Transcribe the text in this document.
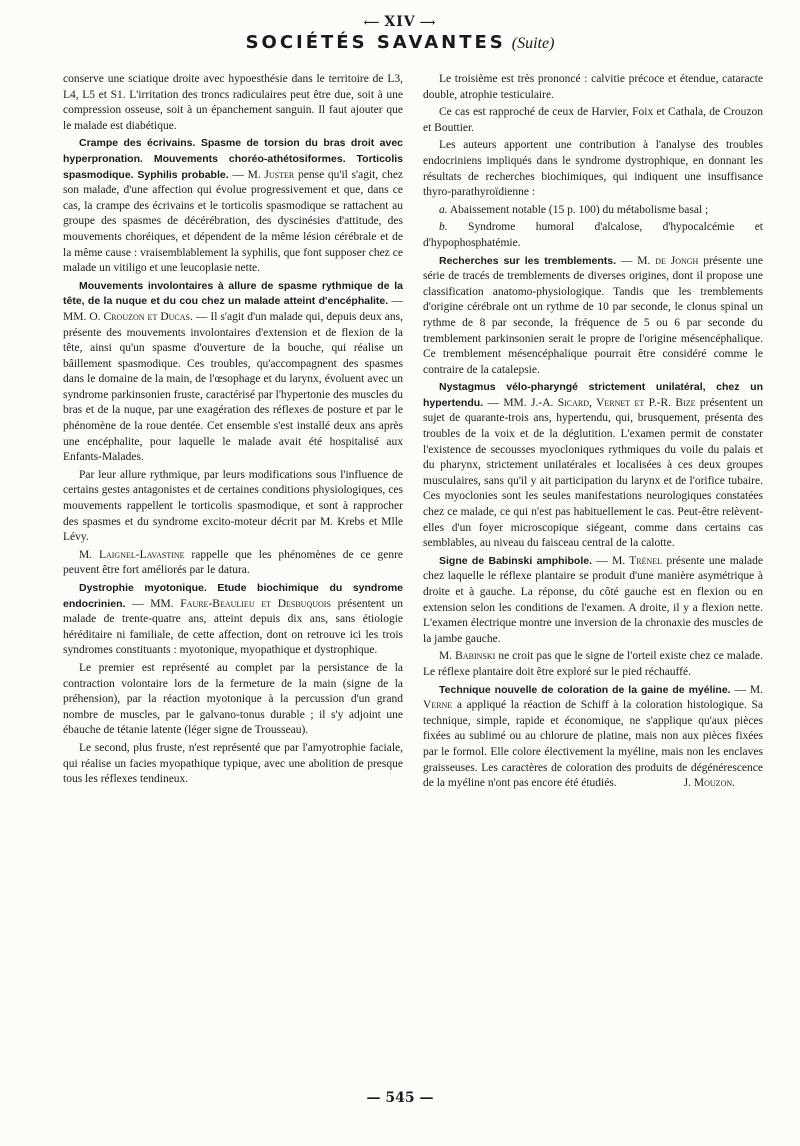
⟵ XIV ⟶
SOCIÉTÉS SAVANTES (Suite)

conserve une sciatique droite avec hypoesthésie dans le territoire de L3, L4, L5 et S1. L'irritation des troncs radiculaires peut être due, soit à une compression osseuse, soit à un épanchement sanguin. Il faut ajouter que le malade est diabétique.

Crampe des écrivains. Spasme de torsion du bras droit avec hyperpronation. Mouvements choréo-athétosiformes. Torticolis spasmodique. Syphilis probable. — M. Juster pense qu'il s'agit, chez son malade, d'une affection qui évolue progressivement et que, dans ce cas, la crampe des écrivains et le torticolis spasmodique se rattachent au groupe des spasmes de décérébration, des dyscinésies d'attitude, des mouvements choréiques, et dépendent de la même lésion cérébrale et de la même cause : vraisemblablement la syphilis, que font supposer chez ce malade un vitiligo et une leucoplasie nette.

Mouvements involontaires à allure de spasme rythmique de la tête, de la nuque et du cou chez un malade atteint d'encéphalite. — MM. O. Crouzon et Ducas. — Il s'agit d'un malade qui, depuis deux ans, présente des mouvements involontaires d'extension et de flexion de la tête, ainsi qu'un spasme d'ouverture de la bouche, qui réalise un bâillement spasmodique. Ces troubles, qu'accompagnent des spasmes dans le domaine de la main, de l'œsophage et du larynx, évoluent avec un syndrome parkinsonien fruste, caractérisé par l'hypertonie des muscles du bras et de la nuque, par une exagération des réflexes de posture et par le phénomène de la roue dentée. Cet ensemble s'est installé deux ans après une encéphalite, pour laquelle le malade avait été hospitalisé aux Enfants-Malades.

Par leur allure rythmique, par leurs modifications sous l'influence de certains gestes antagonistes et de certaines conditions physiologiques, ces mouvements rappellent le torticolis spasmodique, et sont à rapprocher des spasmes et du syndrome excito-moteur décrit par M. Krebs et Mlle Lévy.

M. Laignel-Lavastine rappelle que les phénomènes de ce genre peuvent être fort améliorés par le datura.

Dystrophie myotonique. Etude biochimique du syndrome endocrinien. — MM. Faure-Beaulieu et Desbuquois présentent un malade de trente-quatre ans, atteint depuis dix ans, sans étiologie héréditaire ni familiale, de cette affection, dont on retrouve ici les trois syndromes constituants : myotonique, myopathique et dystrophique.

Le premier est représenté au complet par la persistance de la contraction volontaire lors de la fermeture de la main (signe de la préhension), par la réaction myotonique à la percussion d'un grand nombre de muscles, par le galvano-tonus durable ; il s'y adjoint une ébauche de tétanie latente (léger signe de Trousseau).

Le second, plus fruste, n'est représenté que par l'amyotrophie faciale, qui réalise un facies myopathique typique, avec une abolition de presque tous les réflexes tendineux.

Le troisième est très prononcé : calvitie précoce et étendue, cataracte double, atrophie testiculaire.

Ce cas est rapproché de ceux de Harvier, Foix et Cathala, de Crouzon et Bouttier.

Les auteurs apportent une contribution à l'analyse des troubles endocriniens impliqués dans le syndrome dystrophique, en donnant les résultats de recherches biochimiques, qui indiquent une insuffisance thyro-parathyroïdienne :

a. Abaissement notable (15 p. 100) du métabolisme basal ;

b. Syndrome humoral d'alcalose, d'hypocalcémie et d'hypophosphatémie.

Recherches sur les tremblements. — M. de Jongh présente une série de tracés de tremblements de diverses origines, dont il propose une classification anatomo-physiologique. Tandis que les tremblements d'origine cérébrale ont un rythme de 10 par seconde, le clonus spinal un rythme de 8 par seconde, la fréquence de 5 ou 6 par seconde du tremblement parkinsonien serait le propre de l'origine mésencéphalique. Ce tremblement mésencéphalique pourrait être considéré comme le contraire de la catalepsie.

Nystagmus vélo-pharyngé strictement unilatéral, chez un hypertendu. — MM. J.-A. Sicard, Vernet et P.-R. Bize présentent un sujet de quarante-trois ans, hypertendu, qui, brusquement, présenta des troubles de la voix et de la déglutition. L'examen permit de constater l'existence de secousses myocloniques rythmiques du voile du palais et du pharynx, strictement unilatérales et localisées à ces deux groupes musculaires, sans qu'il y ait participation du larynx et de l'orifice tubaire. Ces myoclonies sont les seules manifestations neurologiques constatées chez ce malade, ce qui n'est pas habituellement le cas. Peut-être relèvent-elles d'un foyer microscopique siégeant, comme dans certains cas semblables, au niveau du faisceau central de la calotte.

Signe de Babinski amphibole. — M. Trénel présente une malade chez laquelle le réflexe plantaire se produit d'une manière asymétrique à droite et à gauche. La réponse, du côté gauche est en flexion ou en extension selon les conditions de l'examen. A droite, il y a flexion nette. L'examen électrique montre une inversion de la chronaxie des muscles de la jambe gauche.

M. Babinski ne croit pas que le signe de l'orteil existe chez ce malade. Le réflexe plantaire doit être exploré sur le pied réchauffé.

Technique nouvelle de coloration de la gaine de myéline. — M. Verne a appliqué la réaction de Schiff à la coloration histologique. Sa technique, simple, rapide et économique, ne s'applique qu'aux pièces fixées au sublimé ou au chlorure de platine, mais non aux pièces fixées par le formol. Elle colore électivement la myéline, mais non les enclaves graisseuses. Les caractères de coloration des produits de dégénérescence de la myéline n'ont pas encore été étudiés.	J. Mouzon.

— 545 —
